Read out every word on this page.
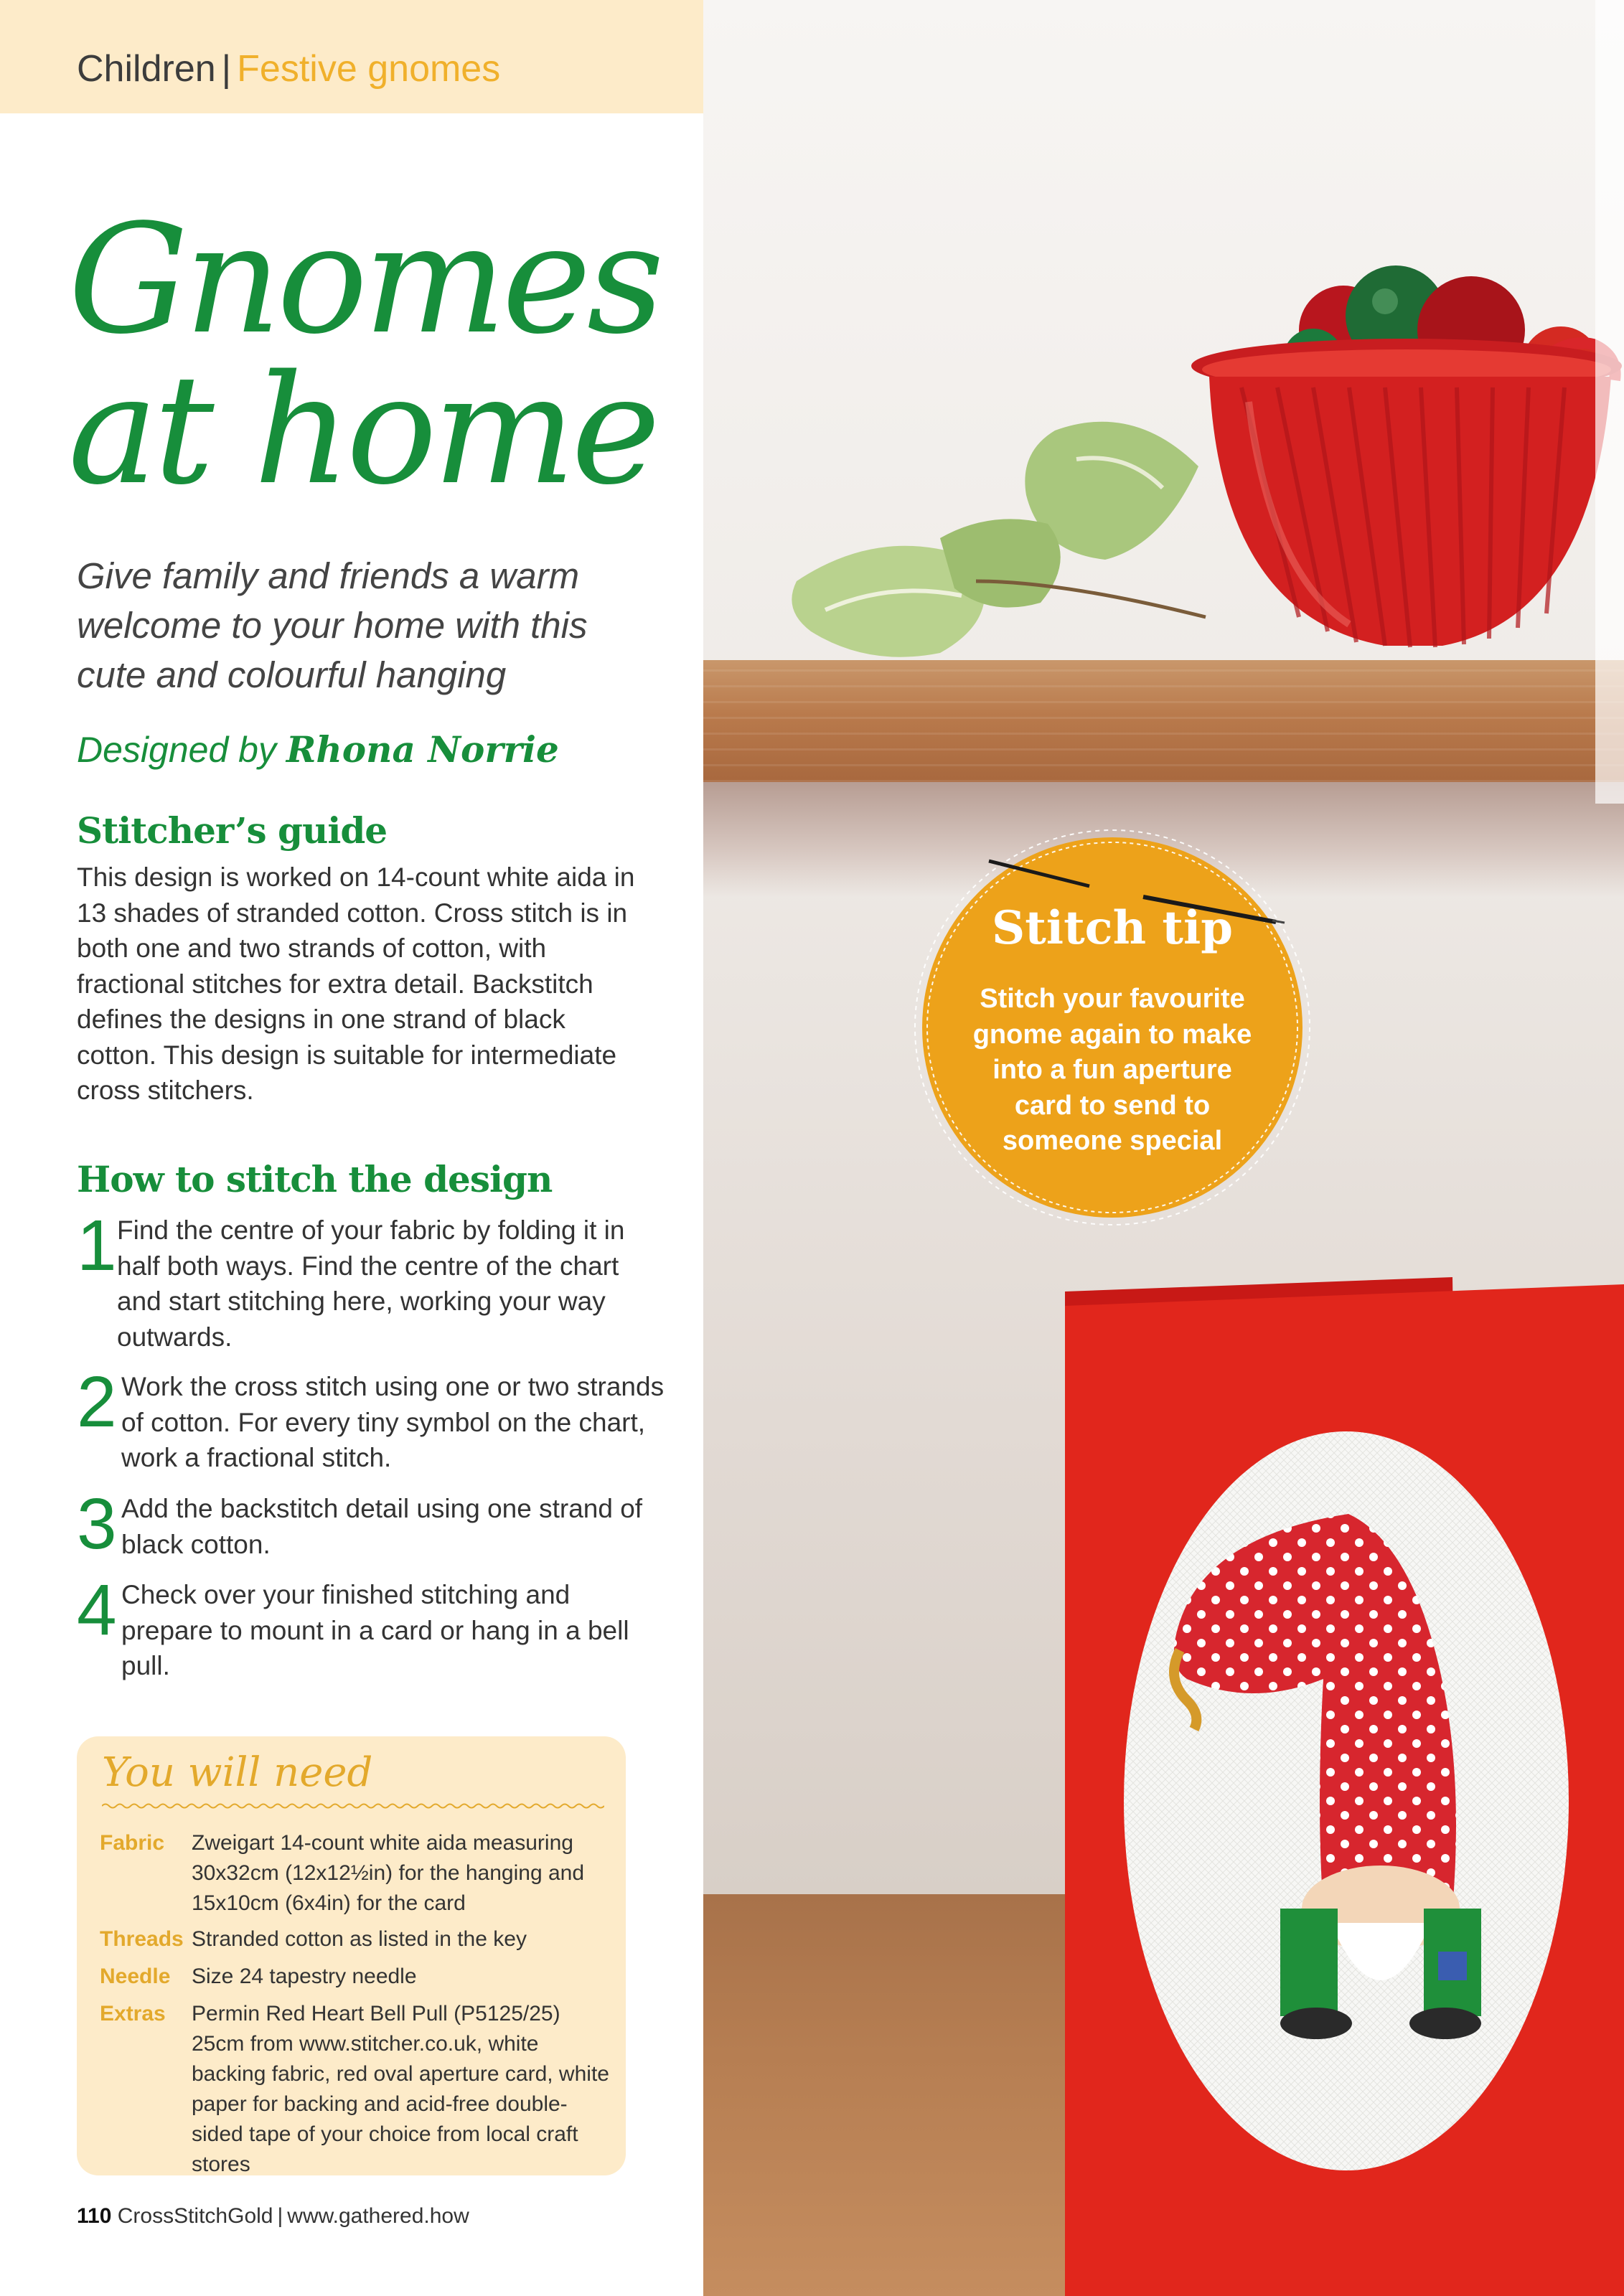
Children | Festive gnomes
Gnomes
at home
Give family and friends a warm welcome to your home with this cute and colourful hanging
Designed by Rhona Norrie
Stitcher’s guide
This design is worked on 14-count white aida in 13 shades of stranded cotton. Cross stitch is in both one and two strands of cotton, with fractional stitches for extra detail. Backstitch defines the designs in one strand of black cotton. This design is suitable for intermediate cross stitchers.
How to stitch the design
1 Find the centre of your fabric by folding it in half both ways. Find the centre of the chart and start stitching here, working your way outwards.
2 Work the cross stitch using one or two strands of cotton. For every tiny symbol on the chart, work a fractional stitch.
3 Add the backstitch detail using one strand of black cotton.
4 Check over your finished stitching and prepare to mount in a card or hang in a bell pull.
You will need
Fabric Zweigart 14-count white aida measuring 30x32cm (12x12½in) for the hanging and 15x10cm (6x4in) for the card
Threads Stranded cotton as listed in the key
Needle Size 24 tapestry needle
Extras Permin Red Heart Bell Pull (P5125/25) 25cm from www.stitcher.co.uk, white backing fabric, red oval aperture card, white paper for backing and acid-free double-sided tape of your choice from local craft stores
110 CrossStitchGold | www.gathered.how
Stitch tip
Stitch your favourite gnome again to make into a fun aperture card to send to someone special
